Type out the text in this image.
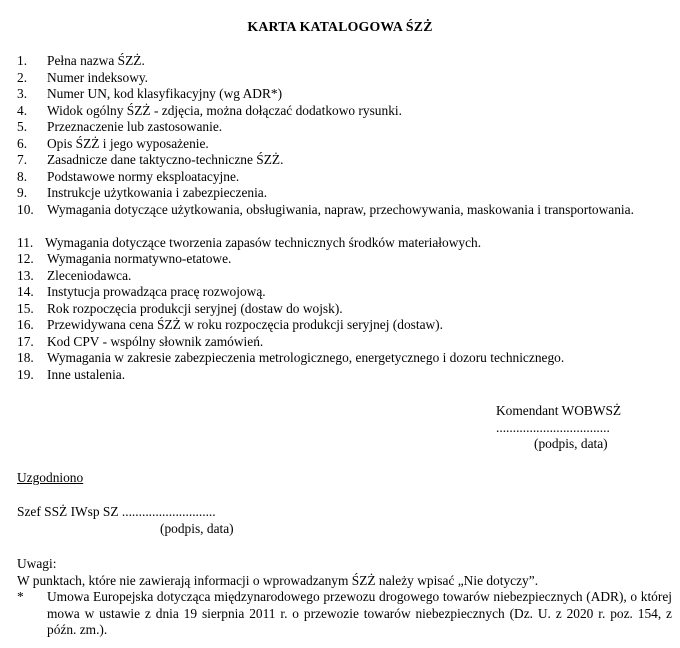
KARTA KATALOGOWA ŚZŻ
1. Pełna nazwa ŚZŻ.
2. Numer indeksowy.
3. Numer UN, kod klasyfikacyjny (wg ADR*)
4. Widok ogólny ŚZŻ - zdjęcia, można dołączać dodatkowo rysunki.
5. Przeznaczenie lub zastosowanie.
6. Opis ŚZŻ i jego wyposażenie.
7. Zasadnicze dane taktyczno-techniczne ŚZŻ.
8. Podstawowe normy eksploatacyjne.
9. Instrukcje użytkowania i zabezpieczenia.
10. Wymagania dotyczące użytkowania, obsługiwania, napraw, przechowywania, maskowania i transportowania.
11. Wymagania dotyczące tworzenia zapasów technicznych środków materiałowych.
12. Wymagania normatywno-etatowe.
13. Zleceniodawca.
14. Instytucja prowadząca pracę rozwojową.
15. Rok rozpoczęcia produkcji seryjnej (dostaw do wojsk).
16. Przewidywana cena ŚZŻ w roku rozpoczęcia produkcji seryjnej (dostaw).
17. Kod CPV - wspólny słownik zamówień.
18. Wymagania w zakresie zabezpieczenia metrologicznego, energetycznego i dozoru technicznego.
19. Inne ustalenia.
Komendant WOBWSŻ
..................................
(podpis, data)
Uzgodniono
Szef SSŻ IWsp SZ ............................
(podpis, data)
Uwagi:
W punktach, które nie zawierają informacji o wprowadzanym ŚZŻ należy wpisać „Nie dotyczy”.
* Umowa Europejska dotycząca międzynarodowego przewozu drogowego towarów niebezpiecznych (ADR), o której mowa w ustawie z dnia 19 sierpnia 2011 r. o przewozie towarów niebezpiecznych (Dz. U. z 2020 r. poz. 154, z późn. zm.).
